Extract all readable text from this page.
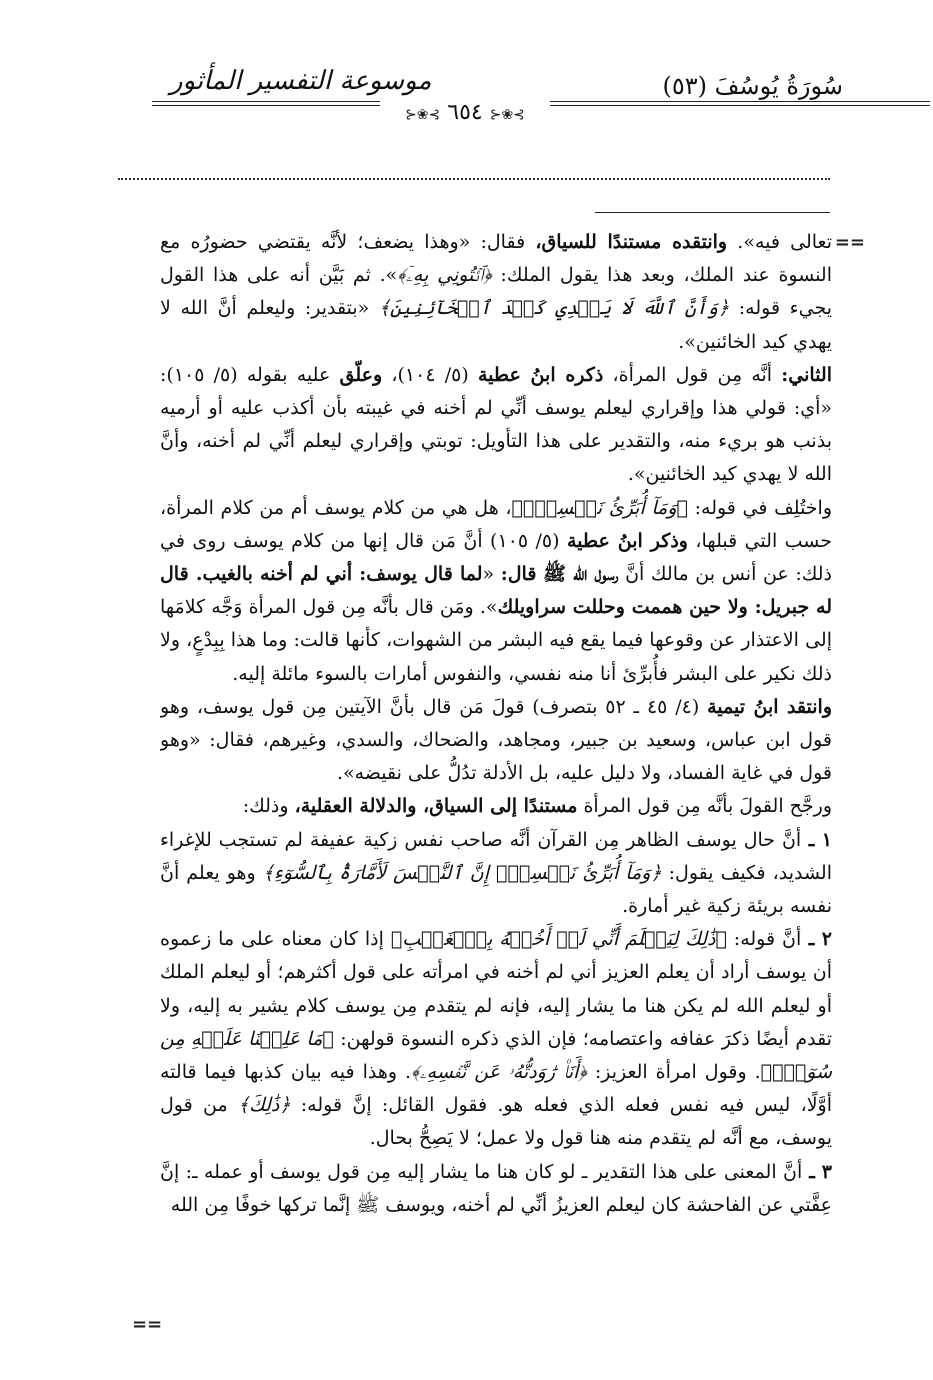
سُورَةُ يُوسُفَ (٥٣)
موسوعة التفسير المأثور
⊱❀⊰ ٦٥٤ ⊱❀⊰
==

تعالى فيه». وانتقده مستندًا للسياق، فقال: «وهذا يضعف؛ لأنَّه يقتضي حضورُه مع النسوة عند الملك، وبعد هذا يقول الملك: ﴿ٱئۡتُونِي بِهِۦٓ﴾». ثم بَيَّن أنه على هذا القول يجيء قوله: ﴿وَأَنَّ ٱللَّهَ لَا يَهۡدِي كَيۡدَ ٱلۡخَآئِنِينَ﴾ «بتقدير: وليعلم أنَّ الله لا يهدي كيد الخائنين».

الثاني: أنَّه مِن قول المرأة، ذكره ابنُ عطية (٥/ ١٠٤)، وعلّق عليه بقوله (٥/ ١٠٥): «أي: قولي هذا وإقراري ليعلم يوسف أنِّي لم أخنه في غيبته بأن أكذب عليه أو أرميه بذنب هو بريء منه، والتقدير على هذا التأويل: توبتي وإقراري ليعلم أنِّي لم أخنه، وأنَّ الله لا يهدي كيد الخائنين».

واختُلِف في قوله: ﴿وَمَآ أُبَرِّئُ نَفۡسِيٓۚ﴾، هل هي من كلام يوسف أم من كلام المرأة، حسب التي قبلها، وذكر ابنُ عطية (٥/ ١٠٥) أنَّ مَن قال إنها من كلام يوسف روى في ذلك: عن أنس بن مالك أنَّ رسول الله ﷺ قال: «لما قال يوسف: أني لم أخنه بالغيب. قال له جبريل: ولا حين هممت وحللت سراويلك». ومَن قال بأنَّه مِن قول المرأة وَجَّه كلامَها إلى الاعتذار عن وقوعها فيما يقع فيه البشر من الشهوات، كأنها قالت: وما هذا بِبِدْعٍ، ولا ذلك نكير على البشر فأُبرِّئ أنا منه نفسي، والنفوس أمارات بالسوء مائلة إليه.

وانتقد ابنُ تيمية (٤/ ٤٥ ـ ٥٢ بتصرف) قولَ مَن قال بأنَّ الآيتين مِن قول يوسف، وهو قول ابن عباس، وسعيد بن جبير، ومجاهد، والضحاك، والسدي، وغيرهم، فقال: «وهو قول في غاية الفساد، ولا دليل عليه، بل الأدلة تدُلُّ على نقيضه».

ورجَّح القولَ بأنَّه مِن قول المرأة مستندًا إلى السياق، والدلالة العقلية، وذلك:

١ ـ أنَّ حال يوسف الظاهر مِن القرآن أنَّه صاحب نفس زكية عفيفة لم تستجب للإغراء الشديد، فكيف يقول: ﴿وَمَآ أُبَرِّئُ نَفۡسِيٓۚ إِنَّ ٱلنَّفۡسَ لَأَمَّارَةُۢ بِٱلسُّوٓءِ﴾ وهو يعلم أنَّ نفسه بريئة زكية غير أمارة.

٢ ـ أنَّ قوله: ﴿ذَٰلِكَ لِيَعۡلَمَ أَنِّي لَمۡ أَخُنۡهُ بِٱلۡغَيۡبِ﴾ إذا كان معناه على ما زعموه أن يوسف أراد أن يعلم العزيز أني لم أخنه في امرأته على قول أكثرهم؛ أو ليعلم الملك أو ليعلم الله لم يكن هنا ما يشار إليه، فإنه لم يتقدم مِن يوسف كلام يشير به إليه، ولا تقدم أيضًا ذكرَ عفافه واعتصامه؛ فإن الذي ذكره النسوة قولهن: ﴿مَا عَلِمۡنَا عَلَيۡهِ مِن سُوٓءٖۚ﴾. وقول امرأة العزيز: ﴿أَنَا۠ رَٰوَدتُّهُۥ عَن نَّفۡسِهِۦ﴾. وهذا فيه بيان كذبها فيما قالته أوَّلًا، ليس فيه نفس فعله الذي فعله هو. فقول القائل: إنَّ قوله: ﴿ذَٰلِكَ﴾ من قول يوسف، مع أنَّه لم يتقدم منه هنا قول ولا عمل؛ لا يَصِحُّ بحال.

٣ ـ أنَّ المعنى على هذا التقدير ـ لو كان هنا ما يشار إليه مِن قول يوسف أو عمله ـ: إنَّ عِفَّتي عن الفاحشة كان ليعلم العزيزُ أنِّي لم أخنه، ويوسف ﷺ إنَّما تركها خوفًا مِن الله

==
